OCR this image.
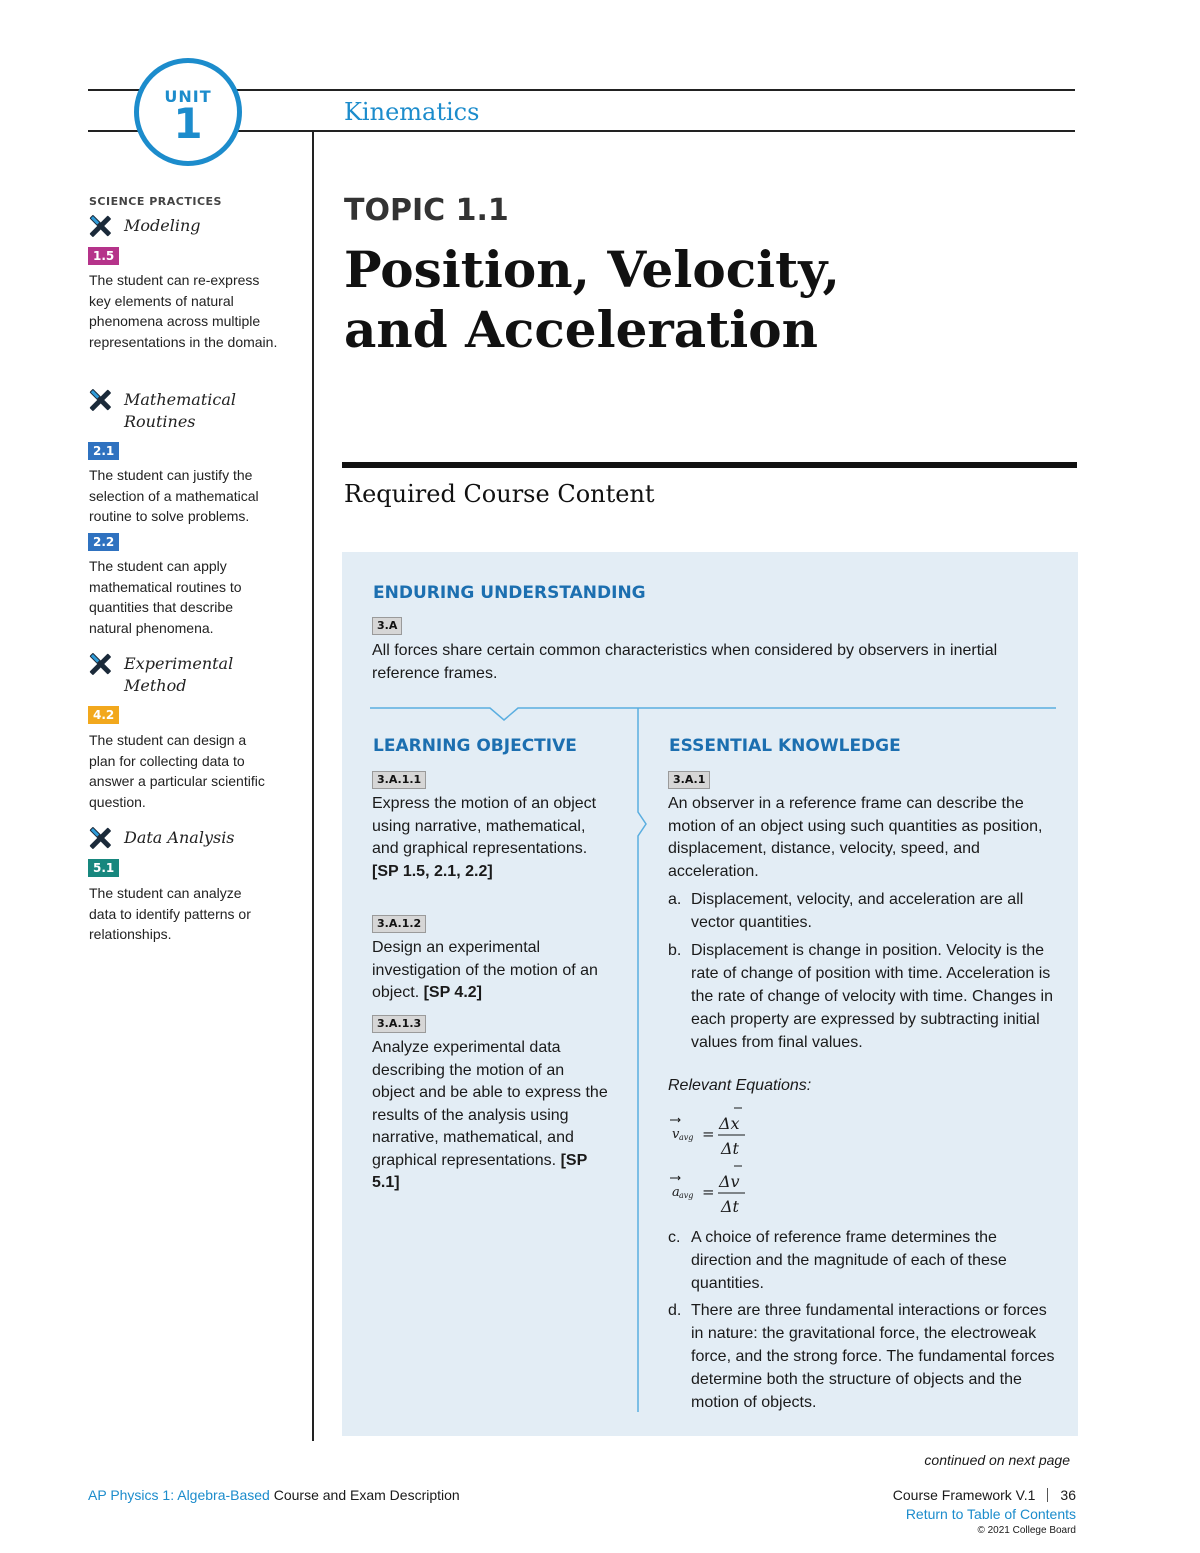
UNIT
1	Kinematics
SCIENCE PRACTICES
Modeling
1.5
The student can re-express key elements of natural phenomena across multiple representations in the domain.
Mathematical
Routines
2.1
The student can justify the selection of a mathematical routine to solve problems.
2.2
The student can apply mathematical routines to quantities that describe natural phenomena.
Experimental
Method
4.2
The student can design a plan for collecting data to answer a particular scientific question.
Data Analysis
5.1
The student can analyze data to identify patterns or relationships.
TOPIC 1.1
Position, Velocity,
and Acceleration
Required Course Content
ENDURING UNDERSTANDING
3.A
All forces share certain common characteristics when considered by observers in inertial reference frames.
LEARNING OBJECTIVE
3.A.1.1
Express the motion of an object using narrative, mathematical, and graphical representations. [SP 1.5, 2.1, 2.2]
3.A.1.2
Design an experimental investigation of the motion of an object. [SP 4.2]
3.A.1.3
Analyze experimental data describing the motion of an object and be able to express the results of the analysis using narrative, mathematical, and graphical representations. [SP 5.1]
ESSENTIAL KNOWLEDGE
3.A.1
An observer in a reference frame can describe the motion of an object using such quantities as position, displacement, distance, velocity, speed, and acceleration.
a. Displacement, velocity, and acceleration are all vector quantities.
b. Displacement is change in position. Velocity is the rate of change of position with time. Acceleration is the rate of change of velocity with time. Changes in each property are expressed by subtracting initial values from final values.
Relevant Equations:
v avg =
Δx
Δt
a avg =
Δv
Δt
c. A choice of reference frame determines the direction and the magnitude of each of these quantities.
d. There are three fundamental interactions or forces in nature: the gravitational force, the electroweak force, and the strong force. The fundamental forces determine both the structure of objects and the motion of objects.
continued on next page
AP Physics 1: Algebra-Based Course and Exam Description	Course Framework V.1 36
Return to Table of Contents
© 2021 College Board
